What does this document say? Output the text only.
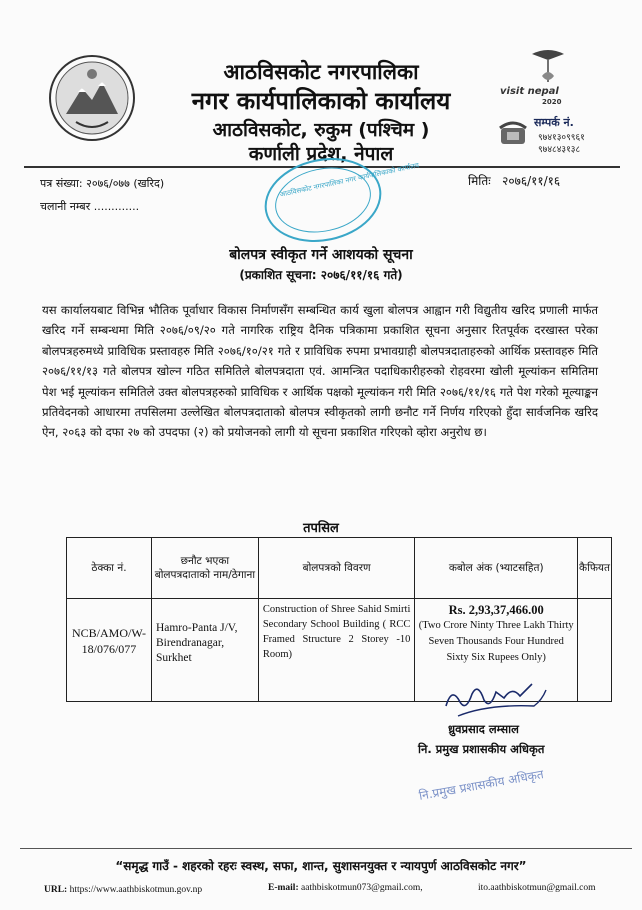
आठविसकोट नगरपालिका
नगर कार्यपालिकाको कार्यालय
आठविसकोट, रुकुम (पश्चिम )
कर्णाली प्रदेश, नेपाल
visit nepal
2020
सम्पर्क नं.
९७४१३०९९६१
९७४८४३१३८
पत्र संख्या: २०७६/०७७ (खरिद)	मितिः २०७६/११/१६
चलानी नम्बर .............
आठविसकोट नगरपालिका नगर कार्यपालिकाको कार्यालय
बोलपत्र स्वीकृत गर्ने आशयको सूचना
(प्रकाशित सूचना: २०७६/११/१६ गते)
यस कार्यालयबाट विभिन्न भौतिक पूर्वाधार विकास निर्माणसँग सम्बन्धित कार्य खुला बोलपत्र आह्वान गरी विद्युतीय खरिद प्रणाली मार्फत खरिद गर्ने सम्बन्धमा मिति २०७६/०९/२० गते नागरिक राष्ट्रिय दैनिक पत्रिकामा प्रकाशित सूचना अनुसार रितपूर्वक दरखास्त परेका बोलपत्रहरुमध्ये प्राविधिक प्रस्तावहरु मिति २०७६/१०/२१ गते र प्राविधिक रुपमा प्रभावग्राही बोलपत्रदाताहरुको आर्थिक प्रस्तावहरु मिति २०७६/११/१३ गते बोलपत्र खोल्न गठित समितिले बोलपत्रदाता एवं. आमन्त्रित पदाधिकारीहरुको रोहवरमा खोली मूल्यांकन समितिमा पेश भई मूल्यांकन समितिले उक्त बोलपत्रहरुको प्राविधिक र आर्थिक पक्षको मूल्यांकन गरी मिति २०७६/११/१६ गते पेश गरेको मूल्याङ्कन प्रतिवेदनको आधारमा तपसिलमा उल्लेखित बोलपत्रदाताको बोलपत्र स्वीकृतको लागी छनौट गर्ने निर्णय गरिएको हुँदा सार्वजनिक खरिद ऐन, २०६३ को दफा २७ को उपदफा (२) को प्रयोजनको लागी यो सूचना प्रकाशित गरिएको व्होरा अनुरोध छ।
तपसिल
ठेक्का नं.	छनौट भएका बोलपत्रदाताको नाम/ठेगाना	बोलपत्रको विवरण	कबोल अंक (भ्याटसहित)	कैफियत
NCB/AMO/W-18/076/077	Hamro-Panta J/V, Birendranagar, Surkhet	Construction of Shree Sahid Smirti Secondary School Building ( RCC Framed Structure 2 Storey -10 Room)	Rs. 2,93,37,466.00
(Two Crore Ninty Three Lakh Thirty Seven Thousands Four Hundred Sixty Six Rupees Only)	

ध्रुवप्रसाद लम्साल
नि. प्रमुख प्रशासकीय अधिकृत
नि.प्रमुख प्रशासकीय अधिकृत
“समृद्ध गाउँ - शहरको रहरः स्वस्थ, सफा, शान्त, सुशासनयुक्त र न्यायपुर्ण आठविसकोट नगर”
URL: https://www.aathbiskotmun.gov.np	E-mail: aathbiskotmun073@gmail.com,	ito.aathbiskotmun@gmail.com
